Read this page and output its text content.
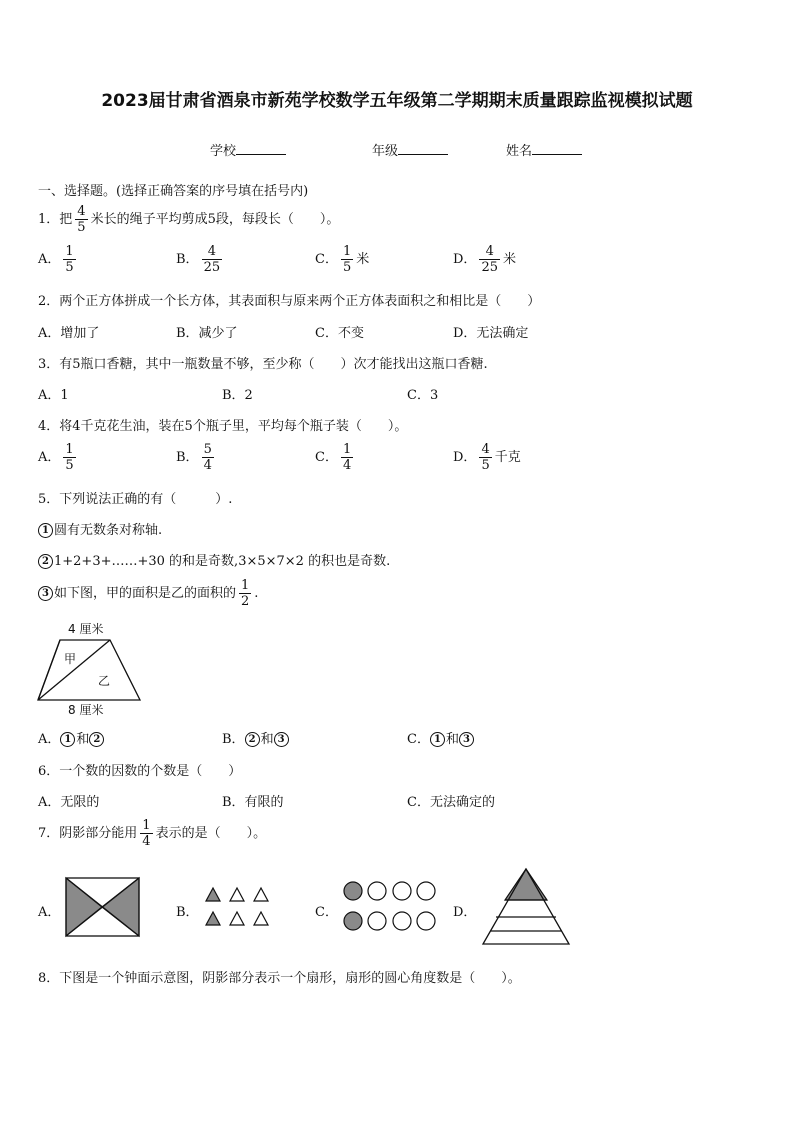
2023届甘肃省酒泉市新苑学校数学五年级第二学期期末质量跟踪监视模拟试题
学校	年级	姓名
一、选择题。(选择正确答案的序号填在括号内)
1．把 $\frac{4}{5}$ 米长的绳子平均剪成5段，每段长（　　）。
A． $\frac{1}{5}$	B． $\frac{4}{25}$	C． $\frac{1}{5}$ 米	D． $\frac{4}{25}$ 米
2．两个正方体拼成一个长方体，其表面积与原来两个正方体表面积之和相比是（　　）
A．增加了	B．减少了	C．不变	D．无法确定
3．有5瓶口香糖，其中一瓶数量不够，至少称（　　）次才能找出这瓶口香糖.
A．1	B．2	C．3
4．将4千克花生油，装在5个瓶子里，平均每个瓶子装（　　）。
A． $\frac{1}{5}$	B． $\frac{5}{4}$	C． $\frac{1}{4}$	D． $\frac{4}{5}$ 千克
5．下列说法正确的有（　　　）.
1 圆有无数条对称轴.
2 1+2+3+……+30 的和是奇数,3×5×7×2 的积也是奇数.
3 如下图，甲的面积是乙的面积的 $\frac{1}{2}$ .
4 厘米
甲
乙
8 厘米
A． 1 和 2	B． 2 和 3	C． 1 和 3
6．一个数的因数的个数是（　　）
A．无限的	B．有限的	C．无法确定的
7．阴影部分能用 $\frac{1}{4}$ 表示的是（　　）。
A．	B．	C．	D．
8．下图是一个钟面示意图，阴影部分表示一个扇形，扇形的圆心角度数是（　　）。
